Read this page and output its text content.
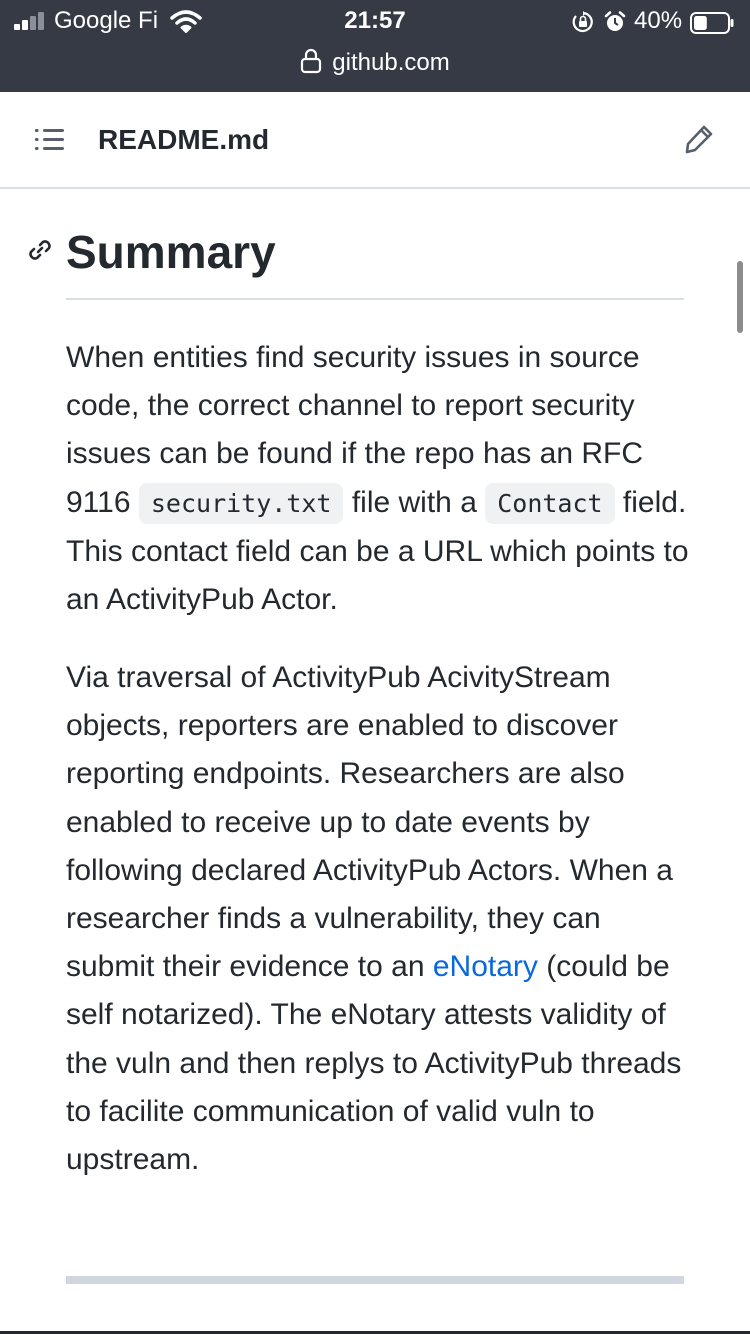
Google Fi	21:57	40%
github.com
README.md
Summary

When entities find security issues in source code, the correct channel to report security issues can be found if the repo has an RFC 9116 security.txt file with a Contact field. This contact field can be a URL which points to an ActivityPub Actor.

Via traversal of ActivityPub AcivityStream objects, reporters are enabled to discover reporting endpoints. Researchers are also enabled to receive up to date events by following declared ActivityPub Actors. When a researcher finds a vulnerability, they can submit their evidence to an eNotary (could be self notarized). The eNotary attests validity of the vuln and then replys to ActivityPub threads to facilite communication of valid vuln to upstream.
